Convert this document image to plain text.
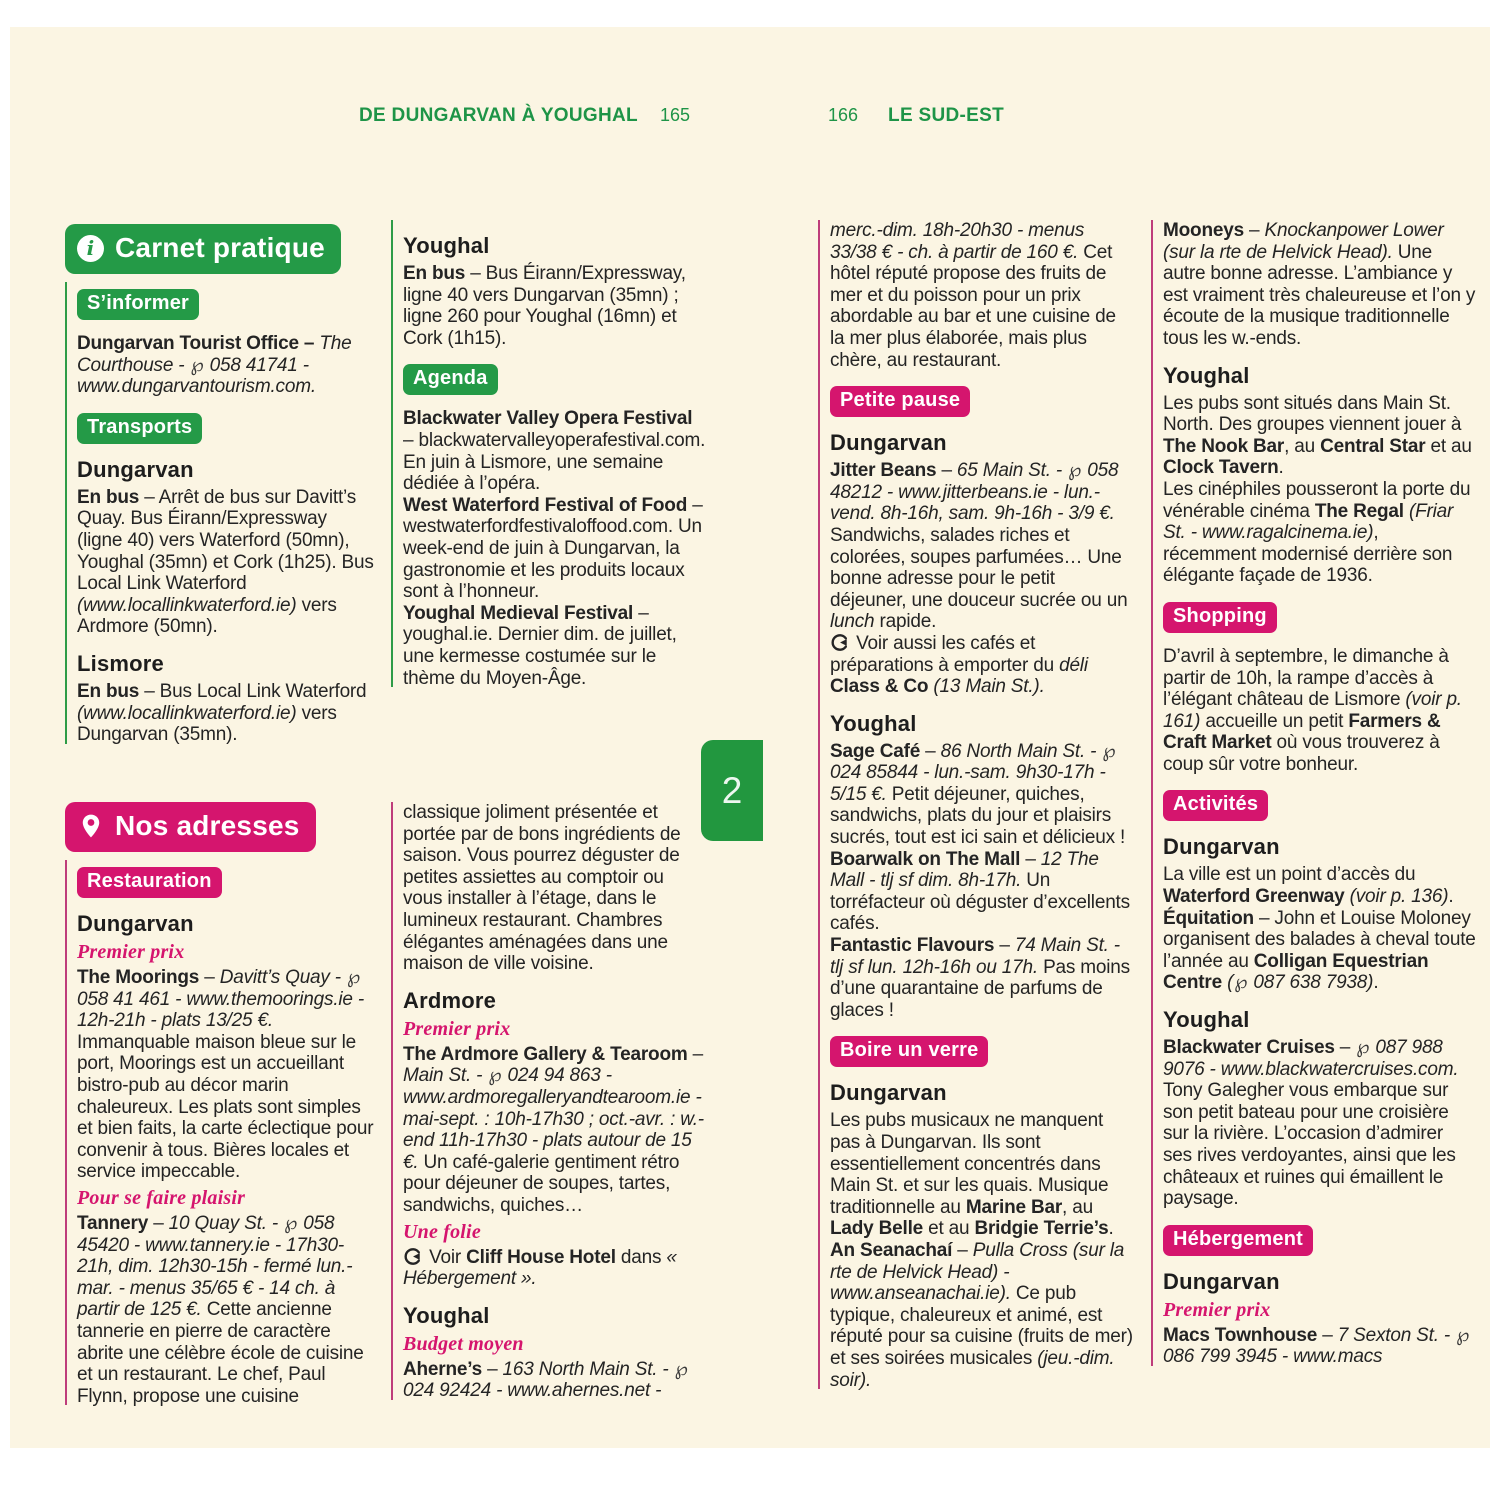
DE DUNGARVAN À YOUGHAL 165	166 LE SUD-EST
i Carnet pratique
S’informer

Dungarvan Tourist Office – The Courthouse - ℘ 058 41741 - www.dungarvantourism.com.

Transports
Dungarvan

En bus – Arrêt de bus sur Davitt’s Quay. Bus Éirann/Expressway (ligne 40) vers Waterford (50mn), Youghal (35mn) et Cork (1h25). Bus Local Link Waterford (www.locallinkwaterford.ie) vers Ardmore (50mn).

Lismore

En bus – Bus Local Link Waterford (www.locallinkwaterford.ie) vers Dungarvan (35mn).

Nos adresses
Restauration
Dungarvan
Premier prix

The Moorings – Davitt’s Quay - ℘ 058 41 461 - www.themoorings.ie - 12h-21h - plats 13/25 €. Immanquable maison bleue sur le port, Moorings est un accueillant bistro-pub au décor marin chaleureux. Les plats sont simples et bien faits, la carte éclectique pour convenir à tous. Bières locales et service impeccable.

Pour se faire plaisir

Tannery – 10 Quay St. - ℘ 058 45420 - www.tannery.ie - 17h30-21h, dim. 12h30-15h - fermé lun.-mar. - menus 35/65 € - 14 ch. à partir de 125 €. Cette ancienne tannerie en pierre de caractère abrite une célèbre école de cuisine et un restaurant. Le chef, Paul Flynn, propose une cuisine

Youghal

En bus – Bus Éirann/Expressway, ligne 40 vers Dungarvan (35mn) ; ligne 260 pour Youghal (16mn) et Cork (1h15).

Agenda

Blackwater Valley Opera Festival – blackwatervalleyoperafestival.com. En juin à Lismore, une semaine dédiée à l’opéra.

West Waterford Festival of Food – westwaterfordfestivaloffood.com. Un week-end de juin à Dungarvan, la gastronomie et les produits locaux sont à l’honneur.

Youghal Medieval Festival – youghal.ie. Dernier dim. de juillet, une kermesse costumée sur le thème du Moyen-Âge.

classique joliment présentée et portée par de bons ingrédients de saison. Vous pourrez déguster de petites assiettes au comptoir ou vous installer à l’étage, dans le lumineux restaurant. Chambres élégantes aménagées dans une maison de ville voisine.

Ardmore
Premier prix

The Ardmore Gallery & Tearoom – Main St. - ℘ 024 94 863 - www.ardmoregalleryandtearoom.ie - mai-sept. : 10h-17h30 ; oct.-avr. : w.-end 11h-17h30 - plats autour de 15 €. Un café-galerie gentiment rétro pour déjeuner de soupes, tartes, sandwichs, quiches…

Une folie

Voir Cliff House Hotel dans « Hébergement ».

Youghal
Budget moyen

Aherne’s – 163 North Main St. - ℘ 024 92424 - www.ahernes.net -

merc.-dim. 18h-20h30 - menus 33/38 € - ch. à partir de 160 €. Cet hôtel réputé propose des fruits de mer et du poisson pour un prix abordable au bar et une cuisine de la mer plus élaborée, mais plus chère, au restaurant.

Petite pause
Dungarvan

Jitter Beans – 65 Main St. - ℘ 058 48212 - www.jitterbeans.ie - lun.-vend. 8h-16h, sam. 9h-16h - 3/9 €. Sandwichs, salades riches et colorées, soupes parfumées… Une bonne adresse pour le petit déjeuner, une douceur sucrée ou un lunch rapide.

Voir aussi les cafés et préparations à emporter du déli Class & Co (13 Main St.).

Youghal

Sage Café – 86 North Main St. - ℘ 024 85844 - lun.-sam. 9h30-17h - 5/15 €. Petit déjeuner, quiches, sandwichs, plats du jour et plaisirs sucrés, tout est ici sain et délicieux !

Boarwalk on The Mall – 12 The Mall - tlj sf dim. 8h-17h. Un torréfacteur où déguster d’excellents cafés.

Fantastic Flavours – 74 Main St. - tlj sf lun. 12h-16h ou 17h. Pas moins d’une quarantaine de parfums de glaces !

Boire un verre
Dungarvan

Les pubs musicaux ne manquent pas à Dungarvan. Ils sont essentiellement concentrés dans Main St. et sur les quais. Musique traditionnelle au Marine Bar, au Lady Belle et au Bridgie Terrie’s.

An Seanachaí – Pulla Cross (sur la rte de Helvick Head) - www.anseanachai.ie). Ce pub typique, chaleureux et animé, est réputé pour sa cuisine (fruits de mer) et ses soirées musicales (jeu.-dim. soir).

Mooneys – Knockanpower Lower (sur la rte de Helvick Head). Une autre bonne adresse. L’ambiance y est vraiment très chaleureuse et l’on y écoute de la musique traditionnelle tous les w.-ends.

Youghal

Les pubs sont situés dans Main St. North. Des groupes viennent jouer à The Nook Bar, au Central Star et au Clock Tavern.

Les cinéphiles pousseront la porte du vénérable cinéma The Regal (Friar St. - www.ragalcinema.ie), récemment modernisé derrière son élégante façade de 1936.

Shopping

D’avril à septembre, le dimanche à partir de 10h, la rampe d’accès à l’élégant château de Lismore (voir p. 161) accueille un petit Farmers & Craft Market où vous trouverez à coup sûr votre bonheur.

Activités
Dungarvan

La ville est un point d’accès du Waterford Greenway (voir p. 136). Équitation – John et Louise Moloney organisent des balades à cheval toute l’année au Colligan Equestrian Centre (℘ 087 638 7938).

Youghal

Blackwater Cruises – ℘ 087 988 9076 - www.blackwatercruises.com. Tony Galegher vous embarque sur son petit bateau pour une croisière sur la rivière. L’occasion d’admirer ses rives verdoyantes, ainsi que les châteaux et ruines qui émaillent le paysage.

Hébergement
Dungarvan
Premier prix

Macs Townhouse – 7 Sexton St. - ℘ 086 799 3945 - www.macs

2
